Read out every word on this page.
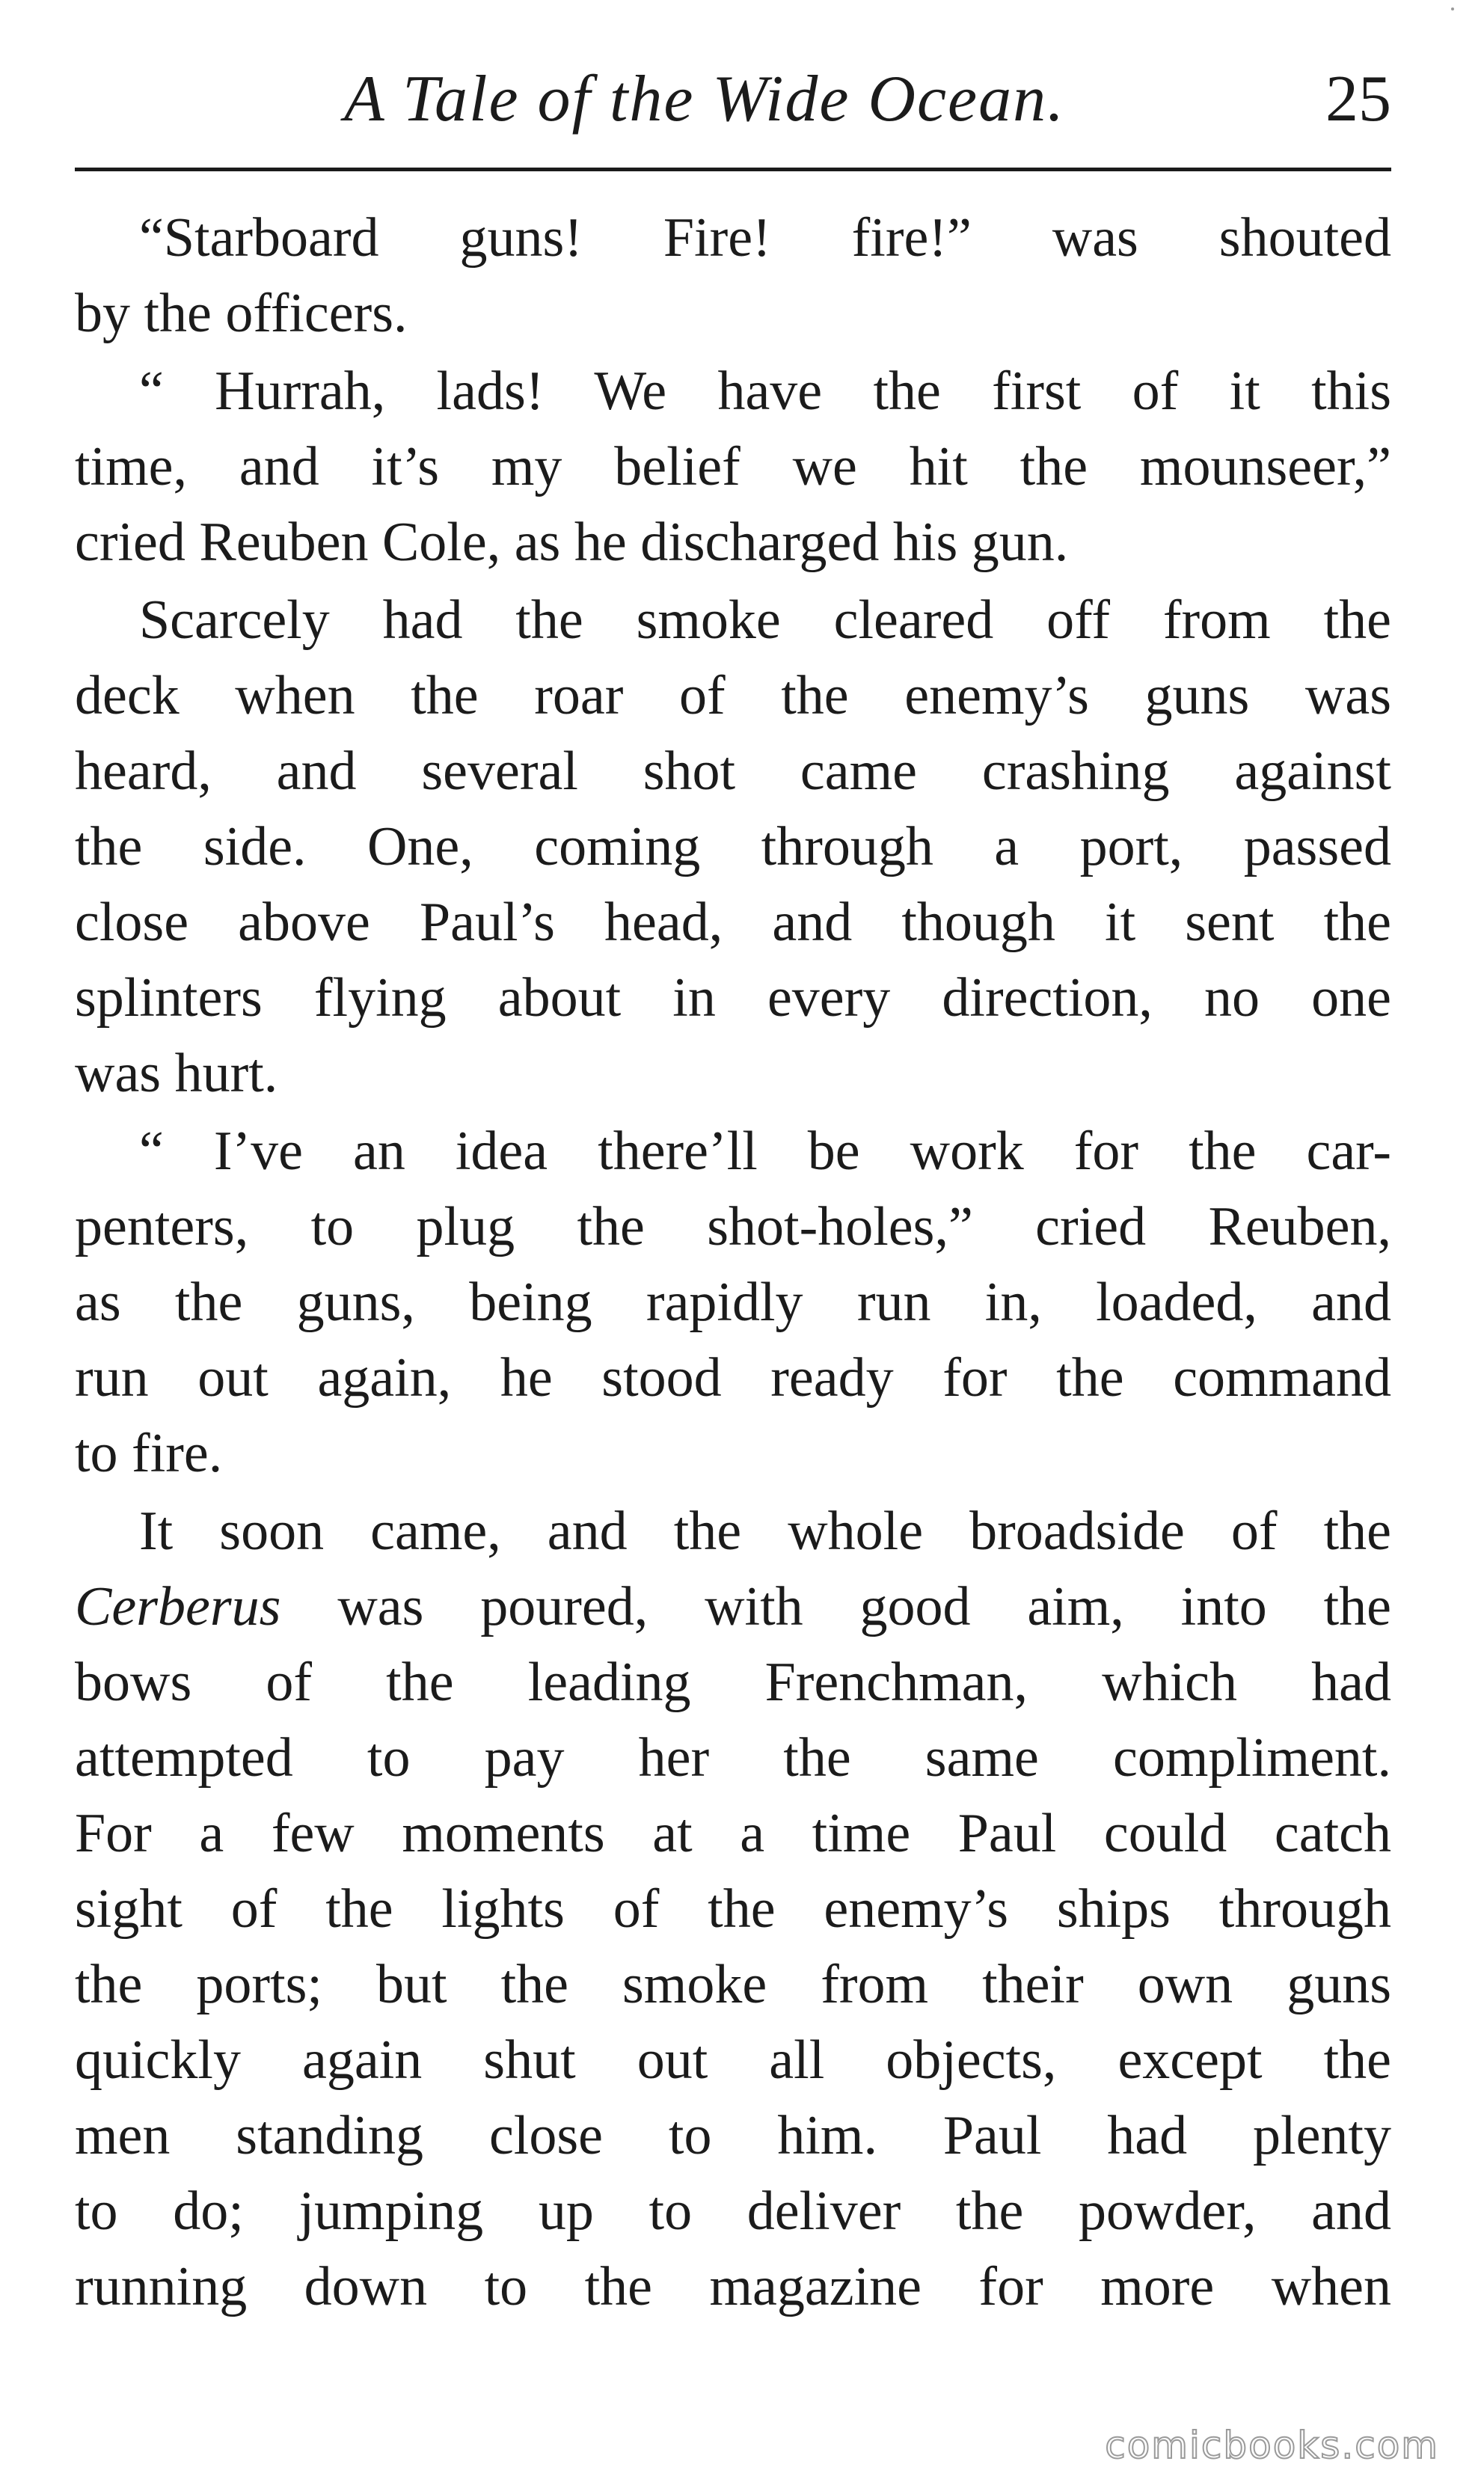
A Tale of the Wide Ocean.	25
“Starboard guns! Fire! fire!” was shouted
by the officers.
“ Hurrah, lads! We have the first of it this
time, and it’s my belief we hit the mounseer,”
cried Reuben Cole, as he discharged his gun.
Scarcely had the smoke cleared off from the
deck when the roar of the enemy’s guns was
heard, and several shot came crashing against
the side. One, coming through a port, passed
close above Paul’s head, and though it sent the
splinters flying about in every direction, no one
was hurt.
“ I’ve an idea there’ll be work for the car-
penters, to plug the shot-holes,” cried Reuben,
as the guns, being rapidly run in, loaded, and
run out again, he stood ready for the command
to fire.
It soon came, and the whole broadside of the
Cerberus was poured, with good aim, into the
bows of the leading Frenchman, which had
attempted to pay her the same compliment.
For a few moments at a time Paul could catch
sight of the lights of the enemy’s ships through
the ports; but the smoke from their own guns
quickly again shut out all objects, except the
men standing close to him. Paul had plenty
to do; jumping up to deliver the powder, and
running down to the magazine for more when
comicbooks.com
